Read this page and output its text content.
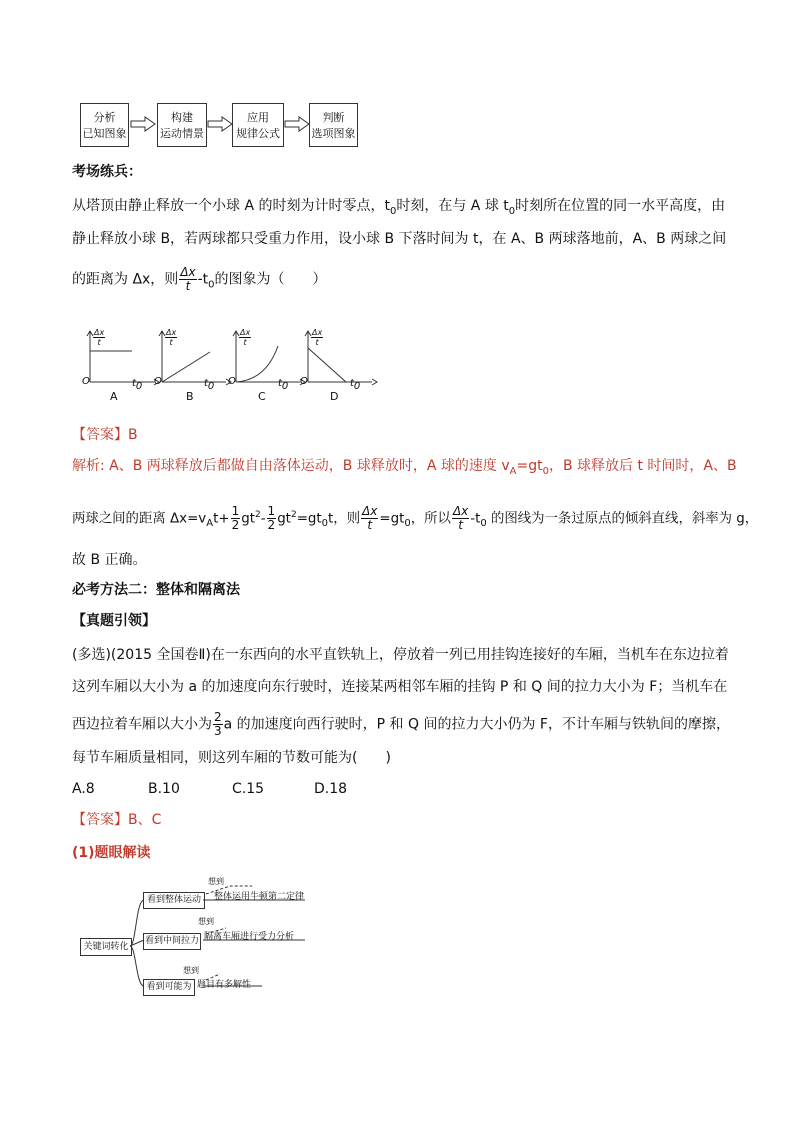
分析
已知图象
构建
运动情景
应用
规律公式
判断
选项图象
考场练兵：
从塔顶由静止释放一个小球 A 的时刻为计时零点，$t_0$时刻，在与 A 球 $t_0$时刻所在位置的同一水平高度，由
静止释放小球 B，若两球都只受重力作用，设小球 B 下落时间为 t，在 A、B 两球落地前，A、B 两球之间
的距离为 Δx，则 $\frac{\Delta x}{t} -t_0$的图象为（　　）
$\frac{\Delta x}{t}$
O	$t_0$
A
$\frac{\Delta x}{t}$
O	$t_0$
B
$\frac{\Delta x}{t}$
O	$t_0$
C
$\frac{\Delta x}{t}$
O	$t_0$
D
【答案】B
解析: A、B 两球释放后都做自由落体运动，B 球释放时，A 球的速度 $v_A=gt_0$，B 球释放后 t 时间时，A、B
两球之间的距离 $\Delta x=v_At+ \frac{1}{2} gt^2- \frac{1}{2} gt^2=gt_0t$，则 $\frac{\Delta x}{t} =gt_0$，所以 $\frac{\Delta x}{t} -t_0$ 的图线为一条过原点的倾斜直线，斜率为 g，
故 B 正确。
必考方法二：整体和隔离法
【真题引领】
(多选)(2015 全国卷Ⅱ)在一东西向的水平直铁轨上，停放着一列已用挂钩连接好的车厢，当机车在东边拉着
这列车厢以大小为 a 的加速度向东行驶时，连接某两相邻车厢的挂钩 P 和 Q 间的拉力大小为 F；当机车在
西边拉着车厢以大小为 $\frac{2}{3}$ a 的加速度向西行驶时，P 和 Q 间的拉力大小仍为 F，不计车厢与铁轨间的摩擦，
每节车厢质量相同，则这列车厢的节数可能为(　　)
A.8	B.10	C.15	D.18
【答案】B、C
(1)题眼解读
关键词转化
看到整体运动
想到
整体运用牛顿第二定律
看到中间拉力
想到
隔离车厢进行受力分析
看到可能为
想到
题目有多解性
